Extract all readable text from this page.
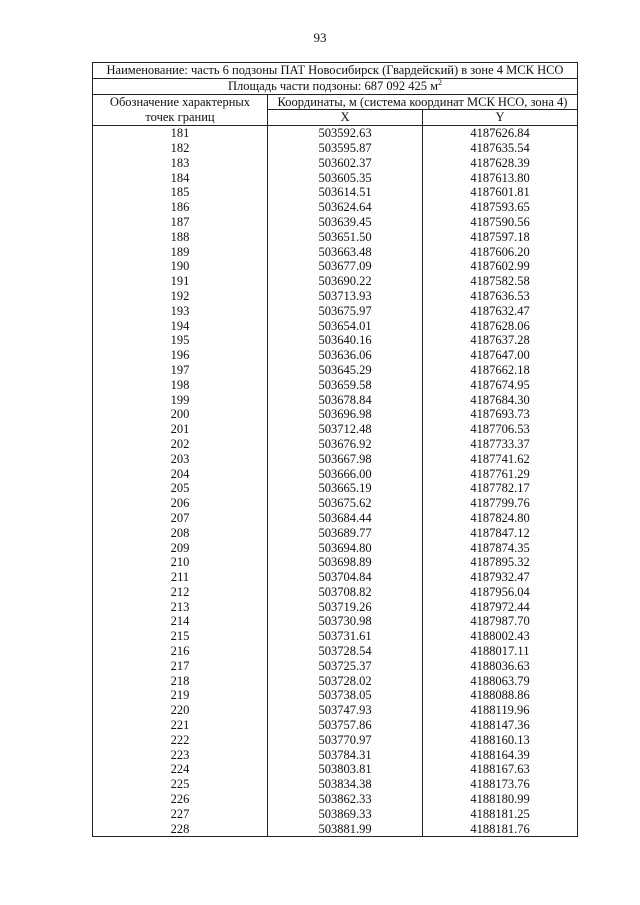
93
Наименование: часть 6 подзоны ПАТ Новосибирск (Гвардейский) в зоне 4 МСК НСО		
Площадь части подзоны: 687 092 425 $м^2$

Обозначение характерных
точек границ	Координаты, м (система координат МСК НСО, зона 4)	
	X	Y
181	503592.63	4187626.84
182	503595.87	4187635.54
183	503602.37	4187628.39
184	503605.35	4187613.80
185	503614.51	4187601.81
186	503624.64	4187593.65
187	503639.45	4187590.56
188	503651.50	4187597.18
189	503663.48	4187606.20
190	503677.09	4187602.99
191	503690.22	4187582.58
192	503713.93	4187636.53
193	503675.97	4187632.47
194	503654.01	4187628.06
195	503640.16	4187637.28
196	503636.06	4187647.00
197	503645.29	4187662.18
198	503659.58	4187674.95
199	503678.84	4187684.30
200	503696.98	4187693.73
201	503712.48	4187706.53
202	503676.92	4187733.37
203	503667.98	4187741.62
204	503666.00	4187761.29
205	503665.19	4187782.17
206	503675.62	4187799.76
207	503684.44	4187824.80
208	503689.77	4187847.12
209	503694.80	4187874.35
210	503698.89	4187895.32
211	503704.84	4187932.47
212	503708.82	4187956.04
213	503719.26	4187972.44
214	503730.98	4187987.70
215	503731.61	4188002.43
216	503728.54	4188017.11
217	503725.37	4188036.63
218	503728.02	4188063.79
219	503738.05	4188088.86
220	503747.93	4188119.96
221	503757.86	4188147.36
222	503770.97	4188160.13
223	503784.31	4188164.39
224	503803.81	4188167.63
225	503834.38	4188173.76
226	503862.33	4188180.99
227	503869.33	4188181.25
228	503881.99	4188181.76
